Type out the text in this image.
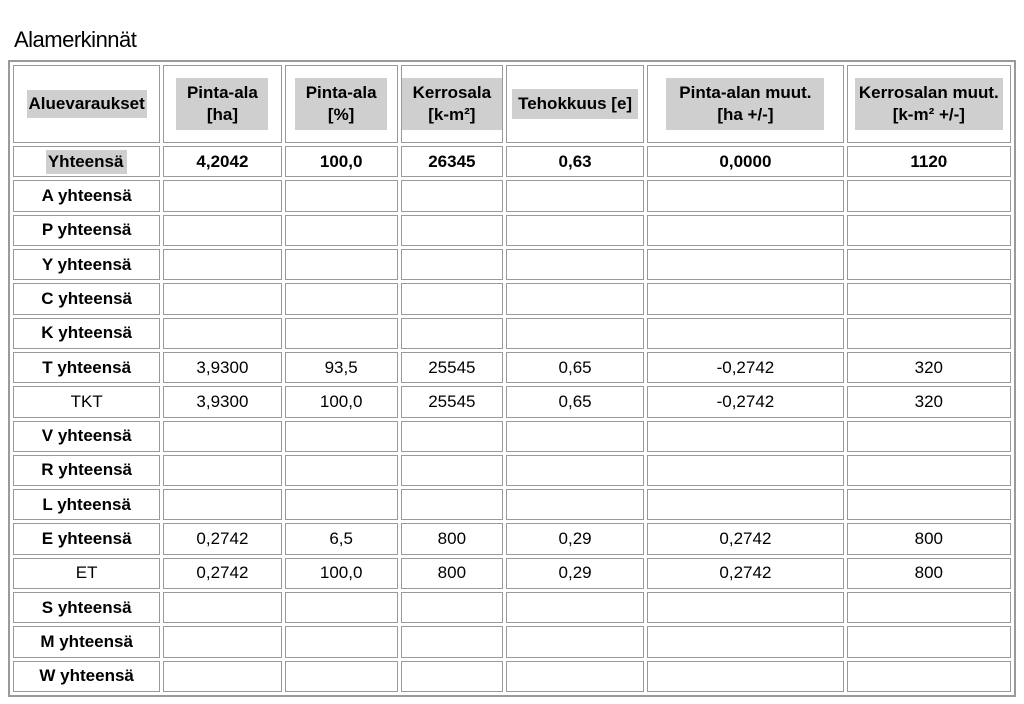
Alamerkinnät
Aluevaraukset	Pinta-ala [ha]	Pinta-ala [%]	Kerrosala [k-m²]	Tehokkuus [e]	Pinta-alan muut. [ha +/-]	Kerrosalan muut. [k-m² +/-]
Yhteensä	4,2042	100,0	26345	0,63	0,0000	1120
A yhteensä						
P yhteensä						
Y yhteensä						
C yhteensä						
K yhteensä						
T yhteensä	3,9300	93,5	25545	0,65	-0,2742	320
TKT	3,9300	100,0	25545	0,65	-0,2742	320
V yhteensä						
R yhteensä						
L yhteensä						
E yhteensä	0,2742	6,5	800	0,29	0,2742	800
ET	0,2742	100,0	800	0,29	0,2742	800
S yhteensä						
M yhteensä						
W yhteensä						
